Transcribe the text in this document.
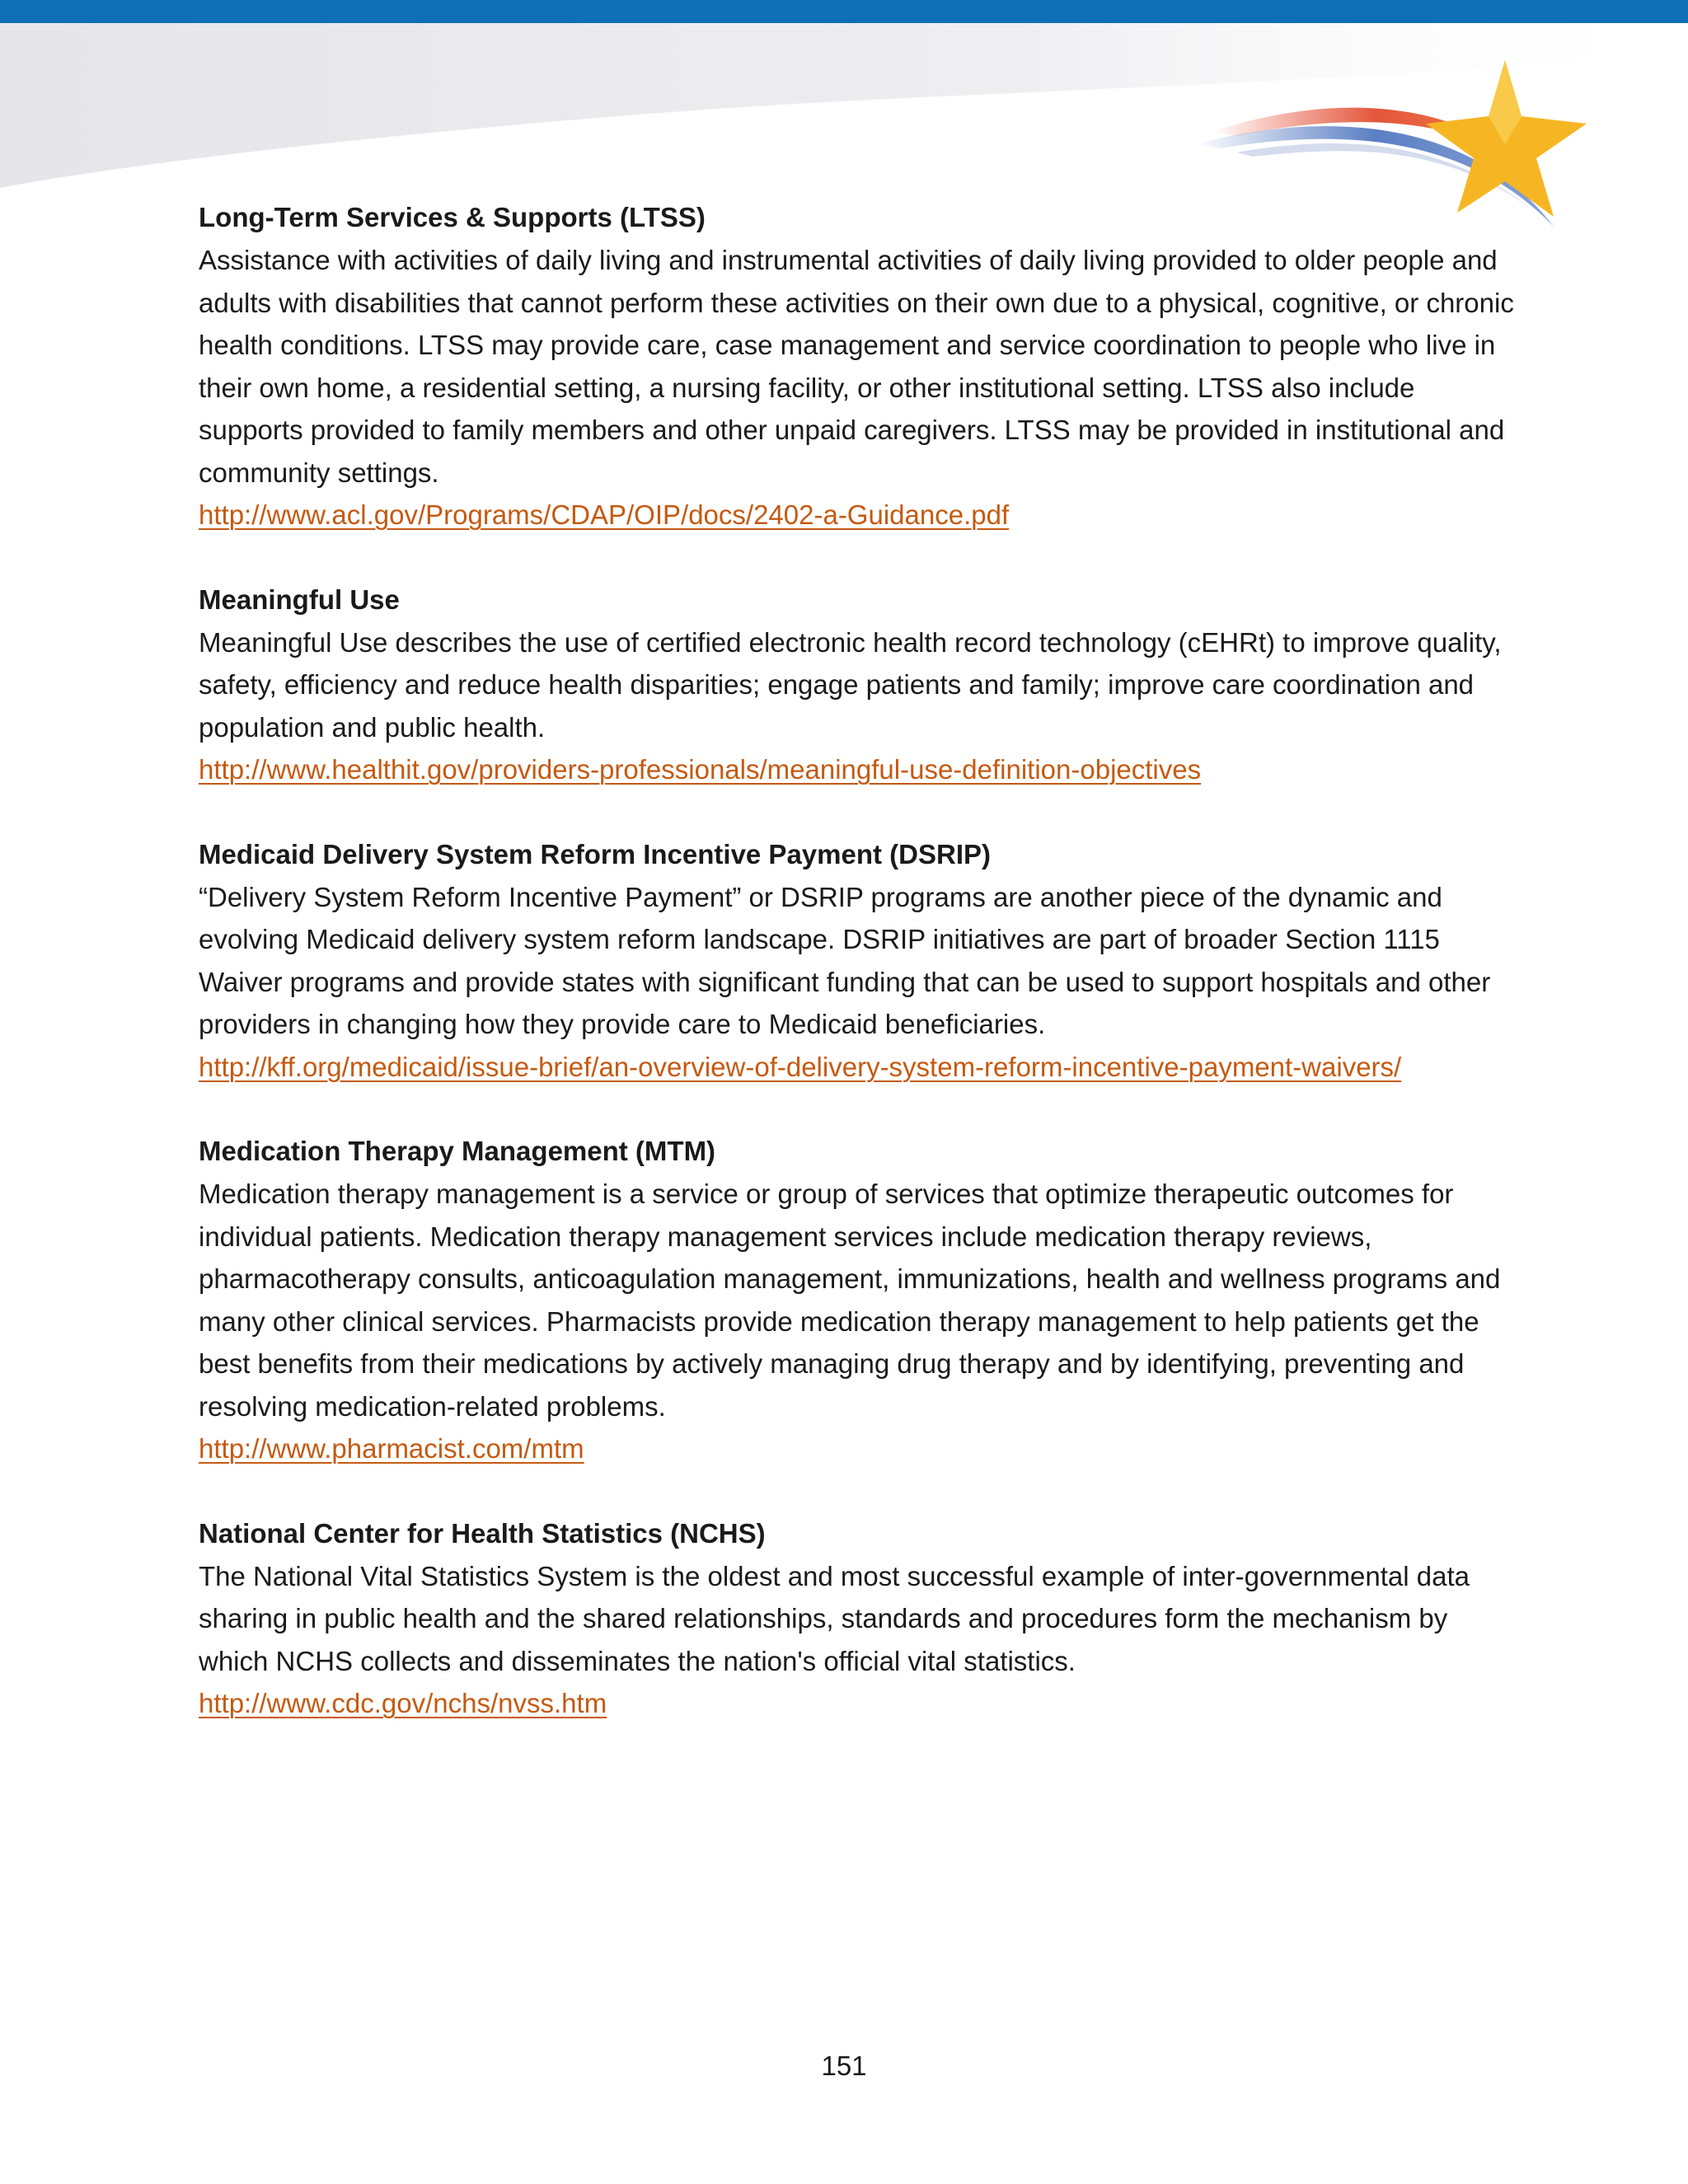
Long-Term Services & Supports (LTSS)

Assistance with activities of daily living and instrumental activities of daily living provided to older people and adults with disabilities that cannot perform these activities on their own due to a physical, cognitive, or chronic health conditions. LTSS may provide care, case management and service coordination to people who live in their own home, a residential setting, a nursing facility, or other institutional setting. LTSS also include supports provided to family members and other unpaid caregivers. LTSS may be provided in institutional and community settings.

http://www.acl.gov/Programs/CDAP/OIP/docs/2402-a-Guidance.pdf

Meaningful Use

Meaningful Use describes the use of certified electronic health record technology (cEHRt) to improve quality, safety, efficiency and reduce health disparities; engage patients and family; improve care coordination and population and public health.

http://www.healthit.gov/providers-professionals/meaningful-use-definition-objectives

Medicaid Delivery System Reform Incentive Payment (DSRIP)

“Delivery System Reform Incentive Payment” or DSRIP programs are another piece of the dynamic and evolving Medicaid delivery system reform landscape. DSRIP initiatives are part of broader Section 1115 Waiver programs and provide states with significant funding that can be used to support hospitals and other providers in changing how they provide care to Medicaid beneficiaries.

http://kff.org/medicaid/issue-brief/an-overview-of-delivery-system-reform-incentive-payment-waivers/

Medication Therapy Management (MTM)

Medication therapy management is a service or group of services that optimize therapeutic outcomes for individual patients. Medication therapy management services include medication therapy reviews, pharmacotherapy consults, anticoagulation management, immunizations, health and wellness programs and many other clinical services. Pharmacists provide medication therapy management to help patients get the best benefits from their medications by actively managing drug therapy and by identifying, preventing and resolving medication-related problems.

http://www.pharmacist.com/mtm

National Center for Health Statistics (NCHS)

The National Vital Statistics System is the oldest and most successful example of inter-governmental data sharing in public health and the shared relationships, standards and procedures form the mechanism by which NCHS collects and disseminates the nation's official vital statistics.

http://www.cdc.gov/nchs/nvss.htm
151
